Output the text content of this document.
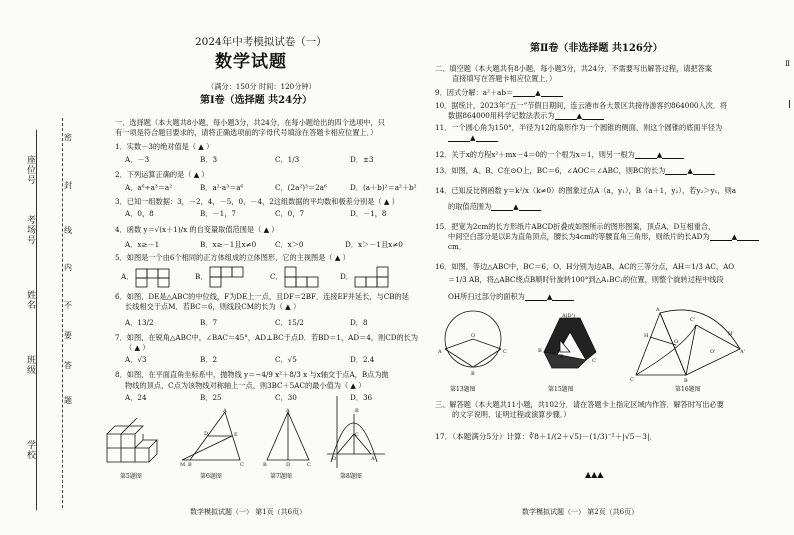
座位号
考场号
姓名
班级
学校
密
封
线
内
不
要
答
题
2024年中考模拟试卷（一）
数学试题
（满分：150分 时间：120分钟）
第Ⅰ卷（选择题 共24分）
一、选择题（本大题共8小题，每小题3分，共24分，在每小题给出的四个选项中，只
有一项是符合题目要求的，请将正确选项前的字母代号填涂在答题卡相应位置上．）
1．实数－3的绝对值是（ ▲ ）
A．－3	B．3	C．1/3	D．±3
2．下列运算正确的是（ ▲ ）
A．a⁶÷a³＝a²	B．a²·a³＝a⁶	C．(2a²)³＝2a⁶	D．(a＋b)²＝a²＋b²
3．已知一组数据：3，－2，4，－5，0，－4，2这组数据的平均数和极差分别是（ ▲ ）
A．0，8	B．－1，7	C．0，7	D．－1，8
4．函数 y＝√(x＋1)/x 的自变量取值范围是（ ▲ ）
A．x≥－1	B．x≥－1且x≠0	C．x＞0	D．x＞－1且x≠0
5．如图是一个由6个相同的正方体组成的立体图形，它的主视图是（ ▲ ）
A．	B．	C．	D．
6．如图，DE是△ABC的中位线，F为DE上一点，且DF＝2BF．连接EF并延长，与CB的延
长线相交于点M．若BC＝6，则线段CM的长为（ ▲ ）
A．13/2	B．7	C．15/2	D．8
7．如图，在锐角△ABC中，∠BAC＝45°，AD⊥BC于点D．若BD＝1，AD＝4，则CD的长为
（ ▲ ）
A．√3	B．2	C．√5	D．2.4
8．如图，在平面直角坐标系中，抛物线 y＝−4/9 x²＋8/3 x 与x轴交于点A，B点为抛
物线的顶点，C点为该物线对称轴上一点，则3BC＋5AC的最小值为（ ▲ ）
A．24	B．25	C．30	D．36
第5题图
A
D	E
B	C
M
第6题图
A
B	D	C
第7题图
O	A
B
C
第8题图
数学模拟试题（一） 第1页（共6页）
第Ⅱ卷（非选择题 共126分）
二、填空题（本大题共有8小题，每小题3分，共24分．不需要写出解答过程，请把答案
直接填写在答题卡相应位置上．）
9．因式分解：a²＋ab＝	▲
10．据统计，2023年“五一”节假日期间，连云港市各大景区共接待游客约864000人次．将
数据864000用科学记数法表示为	▲
11．一个圆心角为150°，半径为12的扇形作为一个圆锥的侧面，则这个圆锥的底面半径为
▲
12．关于x的方程x²＋mx－4＝0的一个根为x＝1，则另一根为	▲
13．如图，A、B、C在⊙O上，BC＝6，∠AOC＝∠ABC，则BC的长为	▲
14．已知反比例函数 y＝k²/x（k≠0）的图象过点A（a，y₁），B（a＋1，y₂），若y₂＞y₁，则a
的取值范围为	▲
15．把宽为2cm的长方形纸片ABCD折叠成如图所示的图形图案，顶点A，D互相重合，
中间空白部分是以E为直角顶点，腰长为4cm的等腰直角三角形，则纸片的长AD为	▲
cm．
16．如图，等边△ABC中，BC＝6，O、H分别为边AB、AC的三等分点，AH＝1/3 AC，AO
＝1/3 AB，将△ABC绕点B顺时针旋转100°到△A₁BC₁的位置，则整个旋转过程中线段
OH所扫过部分的面积为	▲
O
A	C
B
第13题图
A(D')
B
C
E
第15题图
A
H
O
C	B
C'
H'
O'	A'
第16题图
三、解答题（本大题共11小题，共102分．请在答题卡上指定区域内作答．解答时写出必要
的文字说明、证明过程或演算步骤．）
17．（本题满分5分）计算：∛8＋1/(2＋√5)－(1/3)⁻²＋|√5－3|．
▲▲▲
数学模拟试题（一） 第2页（共6页）
Ⅱ
